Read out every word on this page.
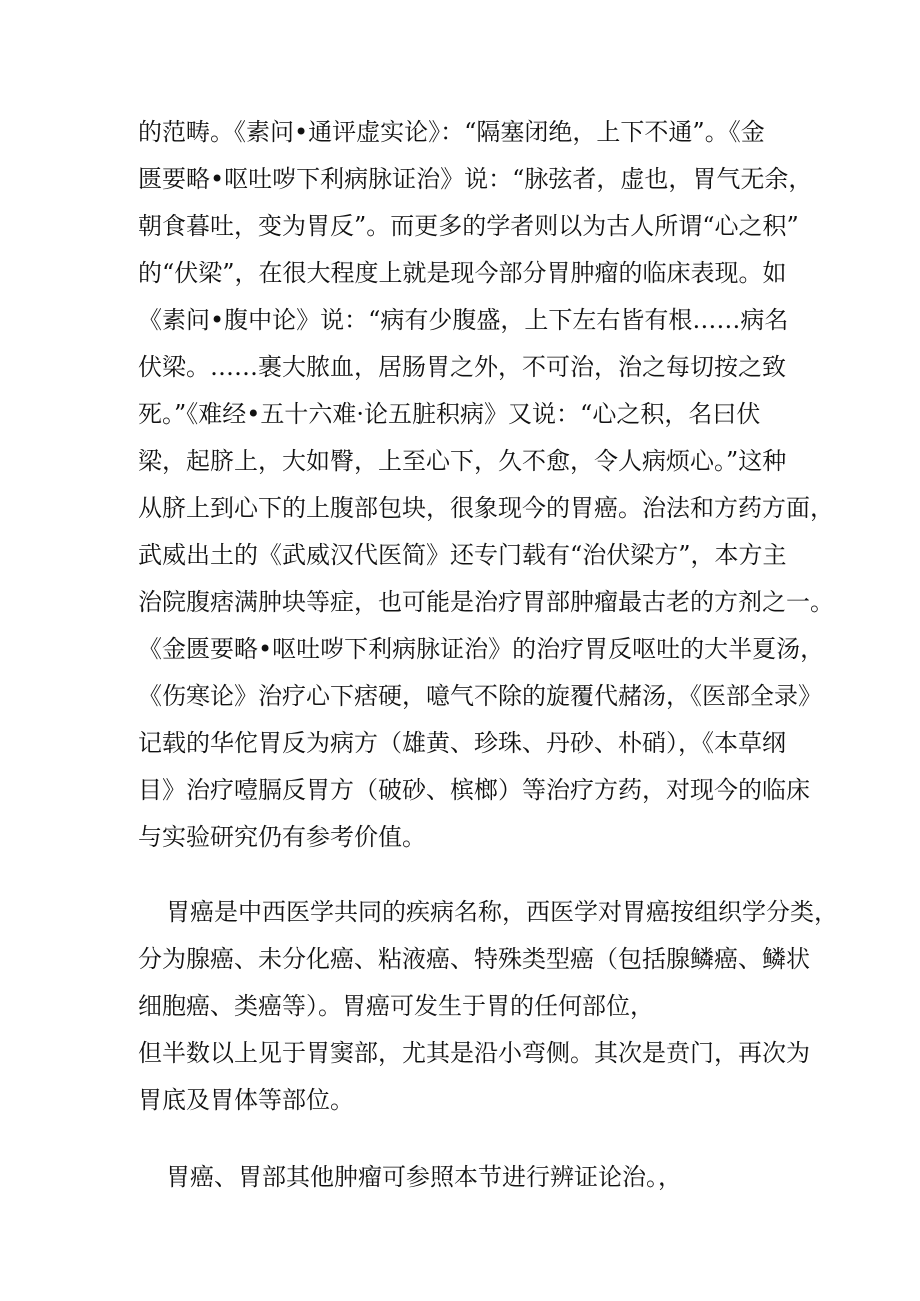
的范畴。《素问•通评虚实论》：“隔塞闭绝，上下不通”。《金
匮要略•呕吐哕下利病脉证治》说：“脉弦者，虚也，胃气无余，
朝食暮吐，变为胃反”。而更多的学者则以为古人所谓“心之积”
的“伏梁”，在很大程度上就是现今部分胃肿瘤的临床表现。如
《素问•腹中论》说：“病有少腹盛，上下左右皆有根……病名
伏梁。……裹大脓血，居肠胃之外，不可治，治之每切按之致
死。”《难经•五十六难·论五脏积病》又说：“心之积，名曰伏
梁，起脐上，大如臀，上至心下，久不愈，令人病烦心。”这种
从脐上到心下的上腹部包块，很象现今的胃癌。治法和方药方面，
武威出土的《武威汉代医简》还专门载有“治伏梁方”，本方主
治院腹痞满肿块等症，也可能是治疗胃部肿瘤最古老的方剂之一。
《金匮要略•呕吐哕下利病脉证治》的治疗胃反呕吐的大半夏汤，
《伤寒论》治疗心下痞硬，噫气不除的旋覆代赭汤，《医部全录》
记载的华佗胃反为病方（雄黄、珍珠、丹砂、朴硝），《本草纲
目》治疗噎膈反胃方（破砂、槟榔）等治疗方药，对现今的临床
与实验研究仍有参考价值。
胃癌是中西医学共同的疾病名称，西医学对胃癌按组织学分类，
分为腺癌、未分化癌、粘液癌、特殊类型癌（包括腺鳞癌、鳞状
细胞癌、类癌等）。胃癌可发生于胃的任何部位，
但半数以上见于胃窦部，尤其是沿小弯侧。其次是贲门，再次为
胃底及胃体等部位。
胃癌、胃部其他肿瘤可参照本节进行辨证论治。，
